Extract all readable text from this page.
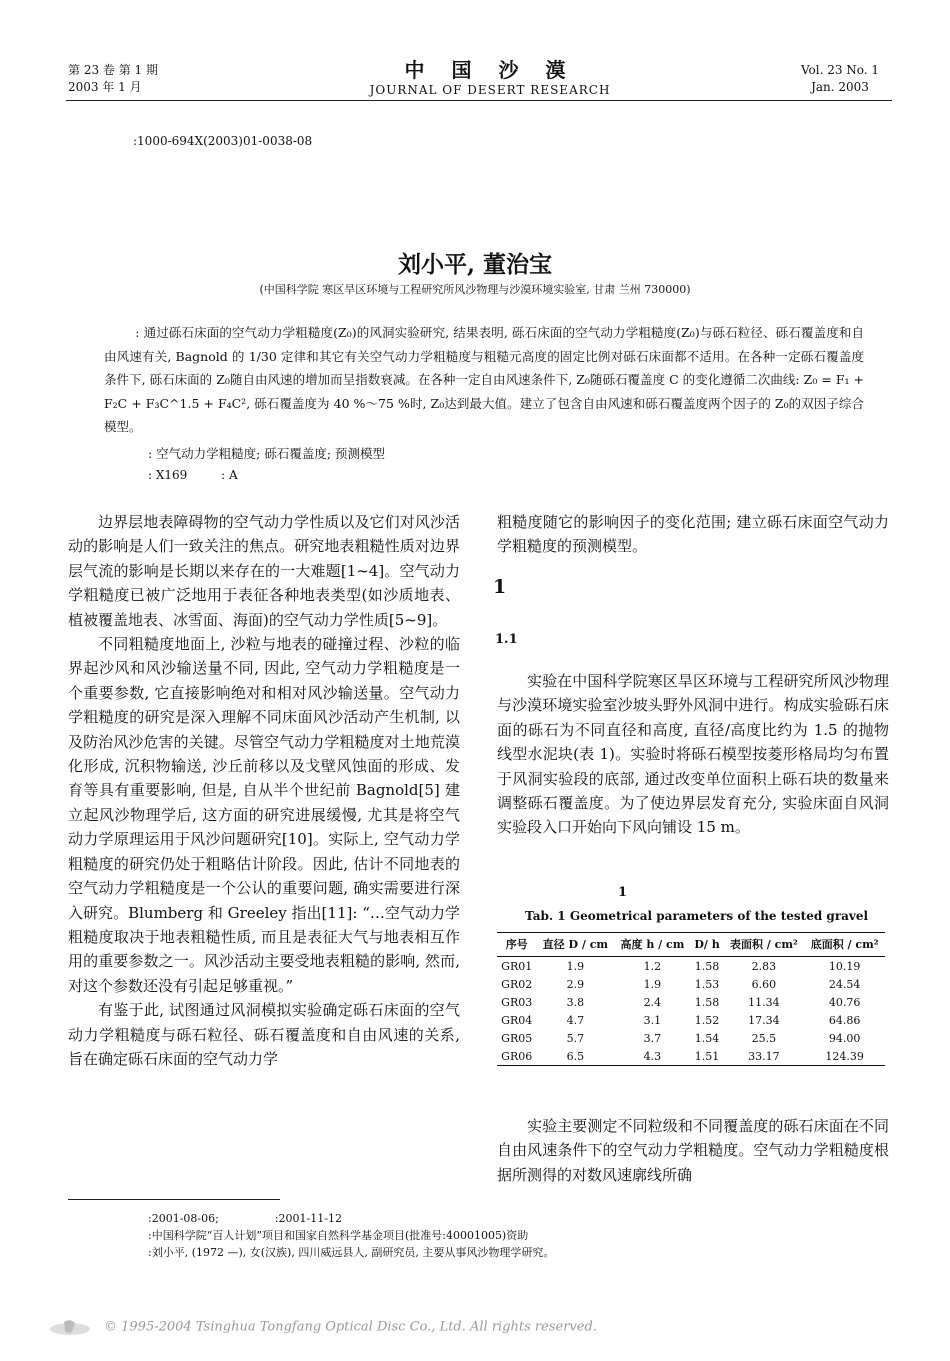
第 23 卷 第 1 期
2003 年 1 月
中 国 沙 漠
JOURNAL OF DESERT RESEARCH
Vol. 23 No. 1
Jan. 2003
:1000-694X(2003)01-0038-08
刘小平, 董治宝
(中国科学院 寒区旱区环境与工程研究所风沙物理与沙漠环境实验室, 甘肃 兰州 730000)

: 通过砾石床面的空气动力学粗糙度(Z₀)的风洞实验研究, 结果表明, 砾石床面的空气动力学粗糙度(Z₀)与砾石粒径、砾石覆盖度和自由风速有关, Bagnold 的 1/30 定律和其它有关空气动力学粗糙度与粗糙元高度的固定比例对砾石床面都不适用。在各种一定砾石覆盖度条件下, 砾石床面的 Z₀随自由风速的增加而呈指数衰减。在各种一定自由风速条件下, Z₀随砾石覆盖度 C 的变化遵循二次曲线: Z₀ = F₁ + F₂C + F₃C^1.5 + F₄C², 砾石覆盖度为 40 %～75 %时, Z₀达到最大值。建立了包含自由风速和砾石覆盖度两个因子的 Z₀的双因子综合模型。

: 空气动力学粗糙度; 砾石覆盖度; 预测模型
: X169	: A

边界层地表障碍物的空气动力学性质以及它们对风沙活动的影响是人们一致关注的焦点。研究地表粗糙性质对边界层气流的影响是长期以来存在的一大难题[1~4]。空气动力学粗糙度已被广泛地用于表征各种地表类型(如沙质地表、植被覆盖地表、冰雪面、海面)的空气动力学性质[5~9]。

不同粗糙度地面上, 沙粒与地表的碰撞过程、沙粒的临界起沙风和风沙输送量不同, 因此, 空气动力学粗糙度是一个重要参数, 它直接影响绝对和相对风沙输送量。空气动力学粗糙度的研究是深入理解不同床面风沙活动产生机制, 以及防治风沙危害的关键。尽管空气动力学粗糙度对土地荒漠化形成, 沉积物输送, 沙丘前移以及戈壁风蚀面的形成、发育等具有重要影响, 但是, 自从半个世纪前 Bagnold[5] 建立起风沙物理学后, 这方面的研究进展缓慢, 尤其是将空气动力学原理运用于风沙问题研究[10]。实际上, 空气动力学粗糙度的研究仍处于粗略估计阶段。因此, 估计不同地表的空气动力学粗糙度是一个公认的重要问题, 确实需要进行深入研究。Blumberg 和 Greeley 指出[11]: “…空气动力学粗糙度取决于地表粗糙性质, 而且是表征大气与地表相互作用的重要参数之一。风沙活动主要受地表粗糙的影响, 然而, 对这个参数还没有引起足够重视。”

有鉴于此, 试图通过风洞模拟实验确定砾石床面的空气动力学粗糙度与砾石粒径、砾石覆盖度和自由风速的关系, 旨在确定砾石床面的空气动力学

粗糙度随它的影响因子的变化范围; 建立砾石床面空气动力学粗糙度的预测模型。

1
1.1

实验在中国科学院寒区旱区环境与工程研究所风沙物理与沙漠环境实验室沙坡头野外风洞中进行。构成实验砾石床面的砾石为不同直径和高度, 直径/高度比约为 1.5 的抛物线型水泥块(表 1)。实验时将砾石模型按菱形格局均匀布置于风洞实验段的底部, 通过改变单位面积上砾石块的数量来调整砾石覆盖度。为了使边界层发育充分, 实验床面自风洞实验段入口开始向下风向铺设 15 m。

1
Tab. 1 Geometrical parameters of the tested gravel
序号	直径 D / cm	高度 h / cm	D/ h	表面积 / cm²	底面积 / cm²
GR01	1.9	1.2	1.58	2.83	10.19
GR02	2.9	1.9	1.53	6.60	24.54
GR03	3.8	2.4	1.58	11.34	40.76
GR04	4.7	3.1	1.52	17.34	64.86
GR05	5.7	3.7	1.54	25.5	94.00
GR06	6.5	4.3	1.51	33.17	124.39

实验主要测定不同粒级和不同覆盖度的砾石床面在不同自由风速条件下的空气动力学粗糙度。空气动力学粗糙度根据所测得的对数风速廓线所确

:2001-08-06;	:2001-11-12
:中国科学院“百人计划”项目和国家自然科学基金项目(批准号:40001005)资助
:刘小平, (1972 —), 女(汉族), 四川威远县人, 副研究员, 主要从事风沙物理学研究。
© 1995-2004 Tsinghua Tongfang Optical Disc Co., Ltd. All rights reserved.
